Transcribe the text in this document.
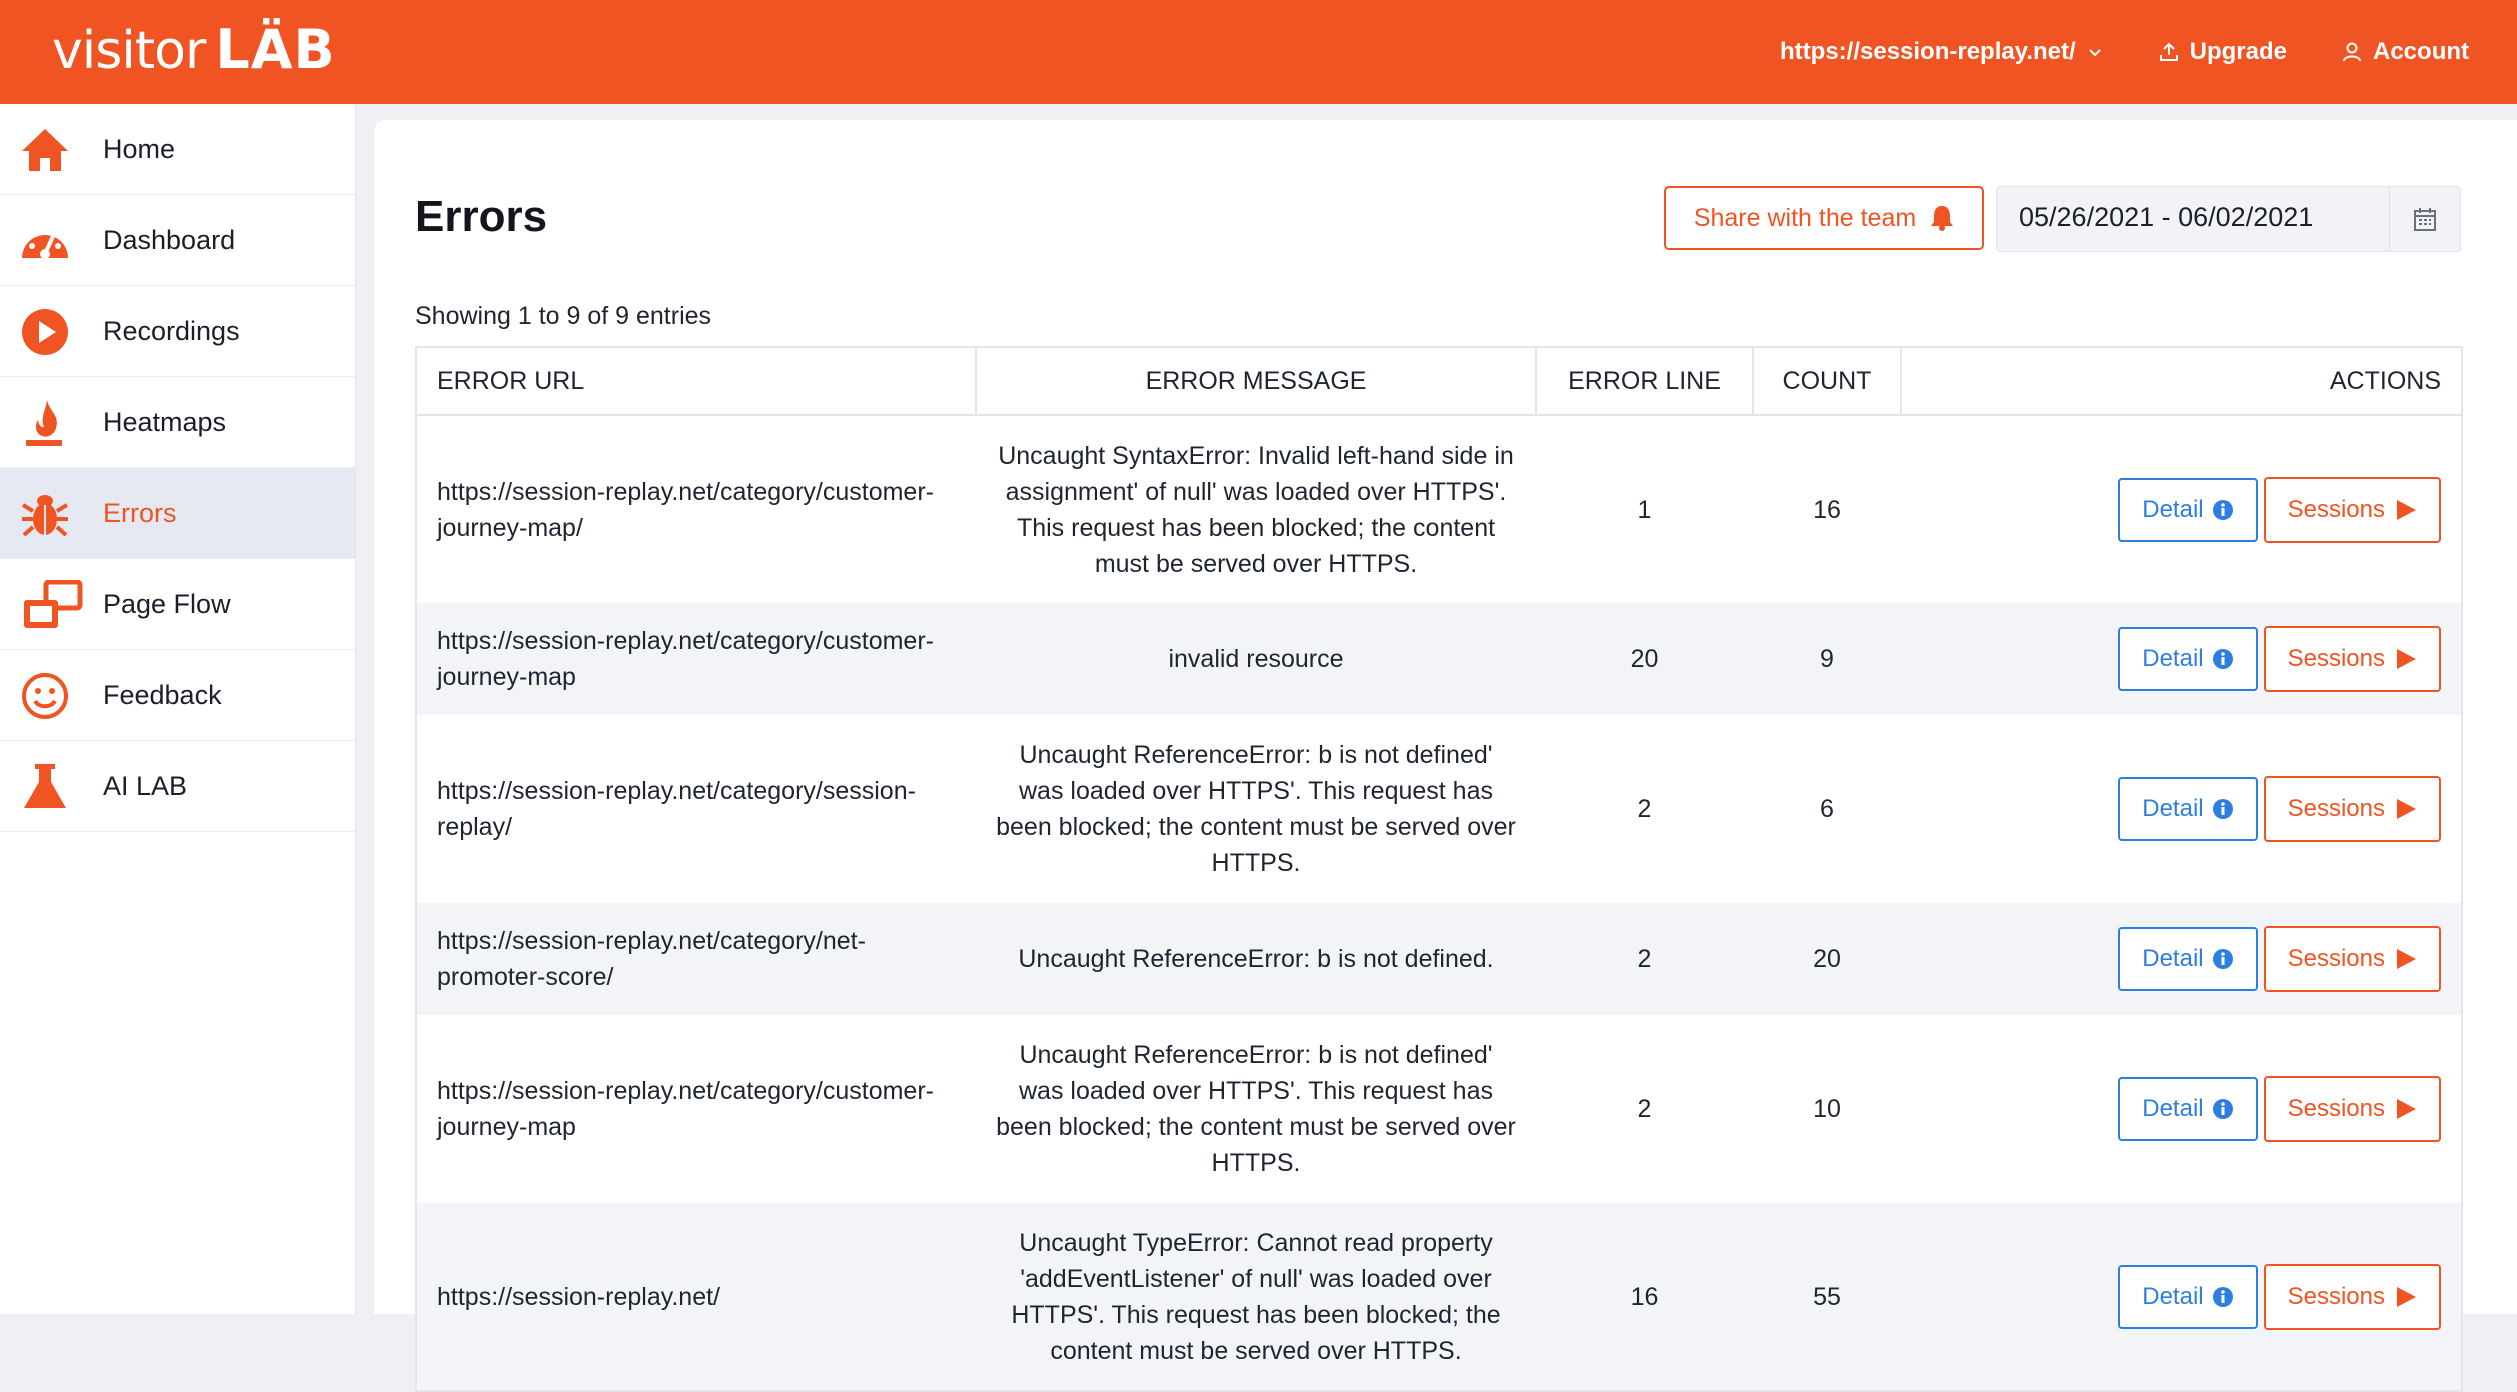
visitor LÄB	https://session-replay.net/	Upgrade	Account
Home
Dashboard
Recordings
Heatmaps
Errors
Page Flow
Feedback
AI LAB
Errors	Share with the team	05/26/2021 - 06/02/2021
Showing 1 to 9 of 9 entries
ERROR URL	ERROR MESSAGE	ERROR LINE	COUNT	ACTIONS
https://session-replay.net/category/customer-journey-map/	Uncaught SyntaxError: Invalid left-hand side in assignment' of null' was loaded over HTTPS'. This request has been blocked; the content must be served over HTTPS.	1	16	Detail Sessions

https://session-replay.net/category/customer-journey-map	invalid resource	20	9	Detail Sessions

https://session-replay.net/category/session-replay/	Uncaught ReferenceError: b is not defined' was loaded over HTTPS'. This request has been blocked; the content must be served over HTTPS.	2	6	Detail Sessions

https://session-replay.net/category/net-promoter-score/	Uncaught ReferenceError: b is not defined.	2	20	Detail Sessions

https://session-replay.net/category/customer-journey-map	Uncaught ReferenceError: b is not defined' was loaded over HTTPS'. This request has been blocked; the content must be served over HTTPS.	2	10	Detail Sessions

https://session-replay.net/	Uncaught TypeError: Cannot read property 'addEventListener' of null' was loaded over HTTPS'. This request has been blocked; the content must be served over HTTPS.	16	55	Detail Sessions
